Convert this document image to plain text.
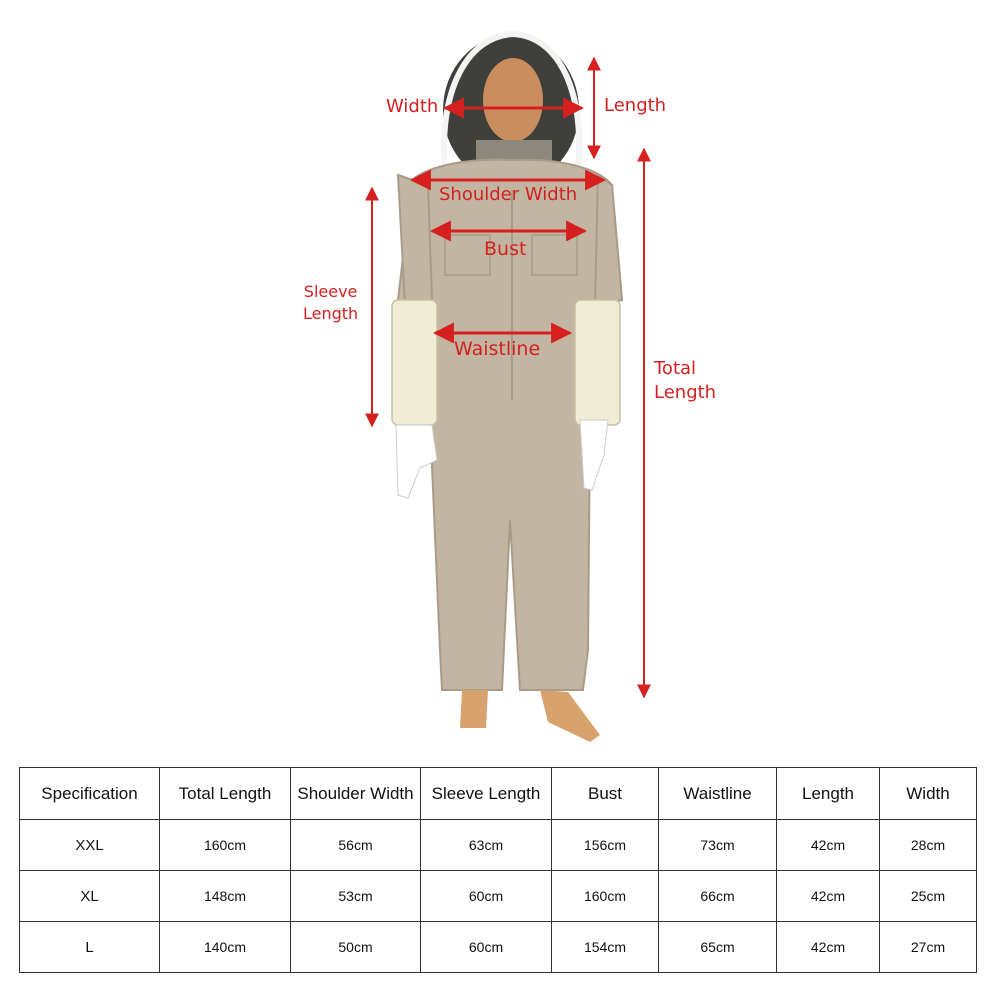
Width	Length
Shoulder Width
Bust
Sleeve
Length
Waistline
Total
Length
Specification	Total Length	Shoulder Width	Sleeve Length	Bust	Waistline	Length	Width
XXL	160cm	56cm	63cm	156cm	73cm	42cm	28cm
XL	148cm	53cm	60cm	160cm	66cm	42cm	25cm
L	140cm	50cm	60cm	154cm	65cm	42cm	27cm
